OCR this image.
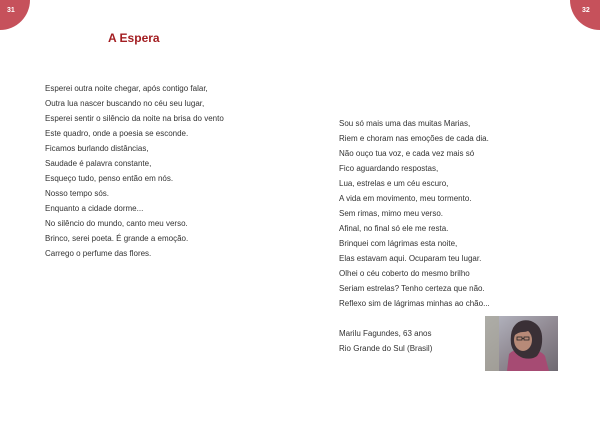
31	32
A Espera
Esperei outra noite chegar, após contigo falar,
Outra lua nascer buscando no céu seu lugar,
Esperei sentir o silêncio da noite na brisa do vento
Este quadro, onde a poesia se esconde.
Ficamos burlando distâncias,
Saudade é palavra constante,
Esqueço tudo, penso então em nós.
Nosso tempo sós.
Enquanto a cidade dorme...
No silêncio do mundo, canto meu verso.
Brinco, serei poeta. É grande a emoção.
Carrego o perfume das flores.
Sou só mais uma das muitas Marias,
Riem e choram nas emoções de cada dia.
Não ouço tua voz, e cada vez mais só
Fico aguardando respostas,
Lua, estrelas e um céu escuro,
A vida em movimento, meu tormento.
Sem rimas, mimo meu verso.
Afinal, no final só ele me resta.
Brinquei com lágrimas esta noite,
Elas estavam aqui. Ocuparam teu lugar.
Olhei o céu coberto do mesmo brilho
Seriam estrelas? Tenho certeza que não.
Reflexo sim de lágrimas minhas ao chão...
Marilu Fagundes, 63 anos
Rio Grande do Sul (Brasil)
